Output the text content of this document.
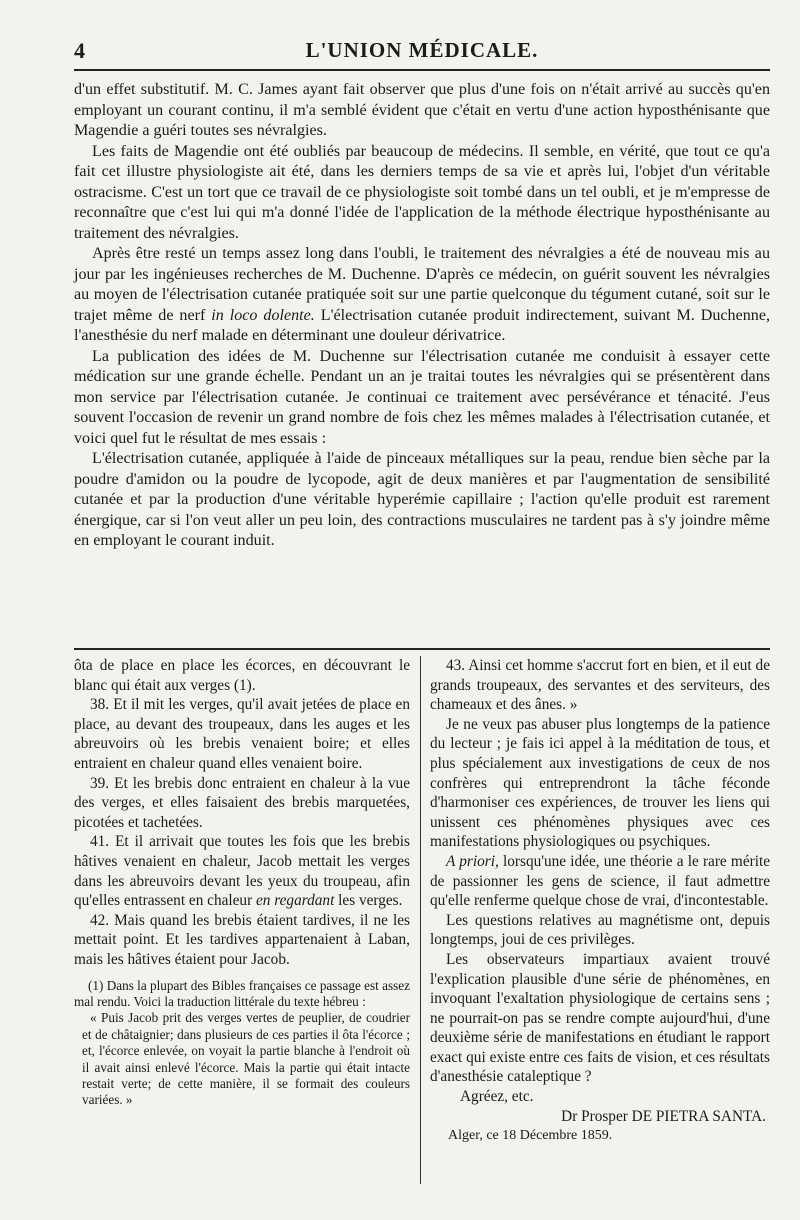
4	L'UNION MÉDICALE.

d'un effet substitutif. M. C. James ayant fait observer que plus d'une fois on n'était arrivé au succès qu'en employant un courant continu, il m'a semblé évident que c'était en vertu d'une action hyposthénisante que Magendie a guéri toutes ses névralgies.

Les faits de Magendie ont été oubliés par beaucoup de médecins. Il semble, en vérité, que tout ce qu'a fait cet illustre physiologiste ait été, dans les derniers temps de sa vie et après lui, l'objet d'un véritable ostracisme. C'est un tort que ce travail de ce physiologiste soit tombé dans un tel oubli, et je m'empresse de reconnaître que c'est lui qui m'a donné l'idée de l'application de la méthode électrique hyposthénisante au traitement des névralgies.

Après être resté un temps assez long dans l'oubli, le traitement des névralgies a été de nouveau mis au jour par les ingénieuses recherches de M. Duchenne. D'après ce médecin, on guérit souvent les névralgies au moyen de l'électrisation cutanée pratiquée soit sur une partie quelconque du tégument cutané, soit sur le trajet même de nerf in loco dolente. L'électrisation cutanée produit indirectement, suivant M. Duchenne, l'anesthésie du nerf malade en déterminant une douleur dérivatrice.

La publication des idées de M. Duchenne sur l'électrisation cutanée me conduisit à essayer cette médication sur une grande échelle. Pendant un an je traitai toutes les névralgies qui se présentèrent dans mon service par l'électrisation cutanée. Je continuai ce traitement avec persévérance et ténacité. J'eus souvent l'occasion de revenir un grand nombre de fois chez les mêmes malades à l'électrisation cutanée, et voici quel fut le résultat de mes essais :

L'électrisation cutanée, appliquée à l'aide de pinceaux métalliques sur la peau, rendue bien sèche par la poudre d'amidon ou la poudre de lycopode, agit de deux manières et par l'augmentation de sensibilité cutanée et par la production d'une véritable hyperémie capillaire ; l'action qu'elle produit est rarement énergique, car si l'on veut aller un peu loin, des contractions musculaires ne tardent pas à s'y joindre même en employant le courant induit.

ôta de place en place les écorces, en découvrant le blanc qui était aux verges (1).

38. Et il mit les verges, qu'il avait jetées de place en place, au devant des troupeaux, dans les auges et les abreuvoirs où les brebis venaient boire; et elles entraient en chaleur quand elles venaient boire.

39. Et les brebis donc entraient en chaleur à la vue des verges, et elles faisaient des brebis marquetées, picotées et tachetées.

41. Et il arrivait que toutes les fois que les brebis hâtives venaient en chaleur, Jacob mettait les verges dans les abreuvoirs devant les yeux du troupeau, afin qu'elles entrassent en chaleur en regardant les verges.

42. Mais quand les brebis étaient tardives, il ne les mettait point. Et les tardives appartenaient à Laban, mais les hâtives étaient pour Jacob.

(1) Dans la plupart des Bibles françaises ce passage est assez mal rendu. Voici la traduction littérale du texte hébreu :

« Puis Jacob prit des verges vertes de peuplier, de coudrier et de châtaignier; dans plusieurs de ces parties il ôta l'écorce ; et, l'écorce enlevée, on voyait la partie blanche à l'endroit où il avait ainsi enlevé l'écorce. Mais la partie qui était intacte restait verte; de cette manière, il se formait des couleurs variées. »

43. Ainsi cet homme s'accrut fort en bien, et il eut de grands troupeaux, des servantes et des serviteurs, des chameaux et des ânes. »

Je ne veux pas abuser plus longtemps de la patience du lecteur ; je fais ici appel à la méditation de tous, et plus spécialement aux investigations de ceux de nos confrères qui entreprendront la tâche féconde d'harmoniser ces expériences, de trouver les liens qui unissent ces phénomènes physiques avec ces manifestations physiologiques ou psychiques.

A priori, lorsqu'une idée, une théorie a le rare mérite de passionner les gens de science, il faut admettre qu'elle renferme quelque chose de vrai, d'incontestable.

Les questions relatives au magnétisme ont, depuis longtemps, joui de ces privilèges.

Les observateurs impartiaux avaient trouvé l'explication plausible d'une série de phénomènes, en invoquant l'exaltation physiologique de certains sens ; ne pourrait-on pas se rendre compte aujourd'hui, d'une deuxième série de manifestations en étudiant le rapport exact qui existe entre ces faits de vision, et ces résultats d'anesthésie cataleptique ?

Agréez, etc.

Dr Prosper DE PIETRA SANTA.

Alger, ce 18 Décembre 1859.
